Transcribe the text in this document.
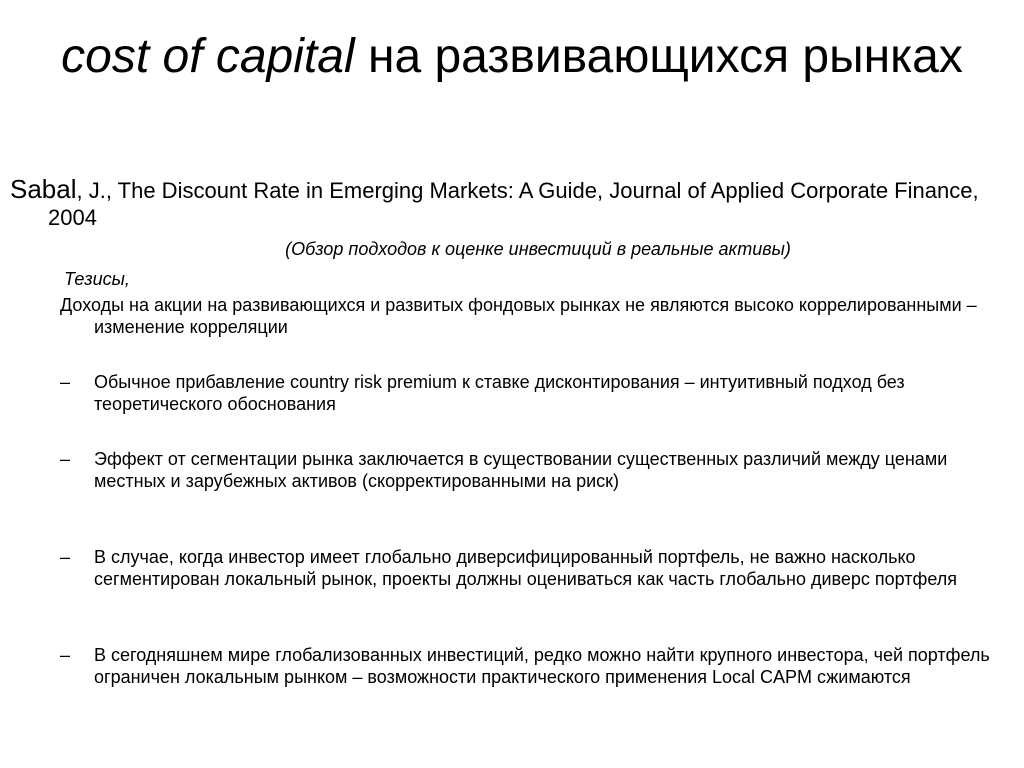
cost of capital на развивающихся рынках
Sabal, J., The Discount Rate in Emerging Markets: A Guide, Journal of Applied Corporate Finance, 2004
(Обзор подходов к оценке инвестиций в реальные активы)
Тезисы,
Доходы на акции на развивающихся и развитых фондовых рынках не являются высоко коррелированными – изменение корреляции
–	Обычное прибавление country risk premium к ставке дисконтирования – интуитивный подход без теоретического обоснования
–	Эффект от сегментации рынка заключается в существовании существенных различий между ценами местных и зарубежных активов (скорректированными на риск)
–	В случае, когда инвестор имеет глобально диверсифицированный портфель, не важно насколько сегментирован локальный рынок, проекты должны оцениваться как часть глобально диверс портфеля
–	В сегодняшнем мире глобализованных инвестиций, редко можно найти крупного инвестора, чей портфель ограничен локальным рынком – возможности практического применения Local CAPM сжимаются
